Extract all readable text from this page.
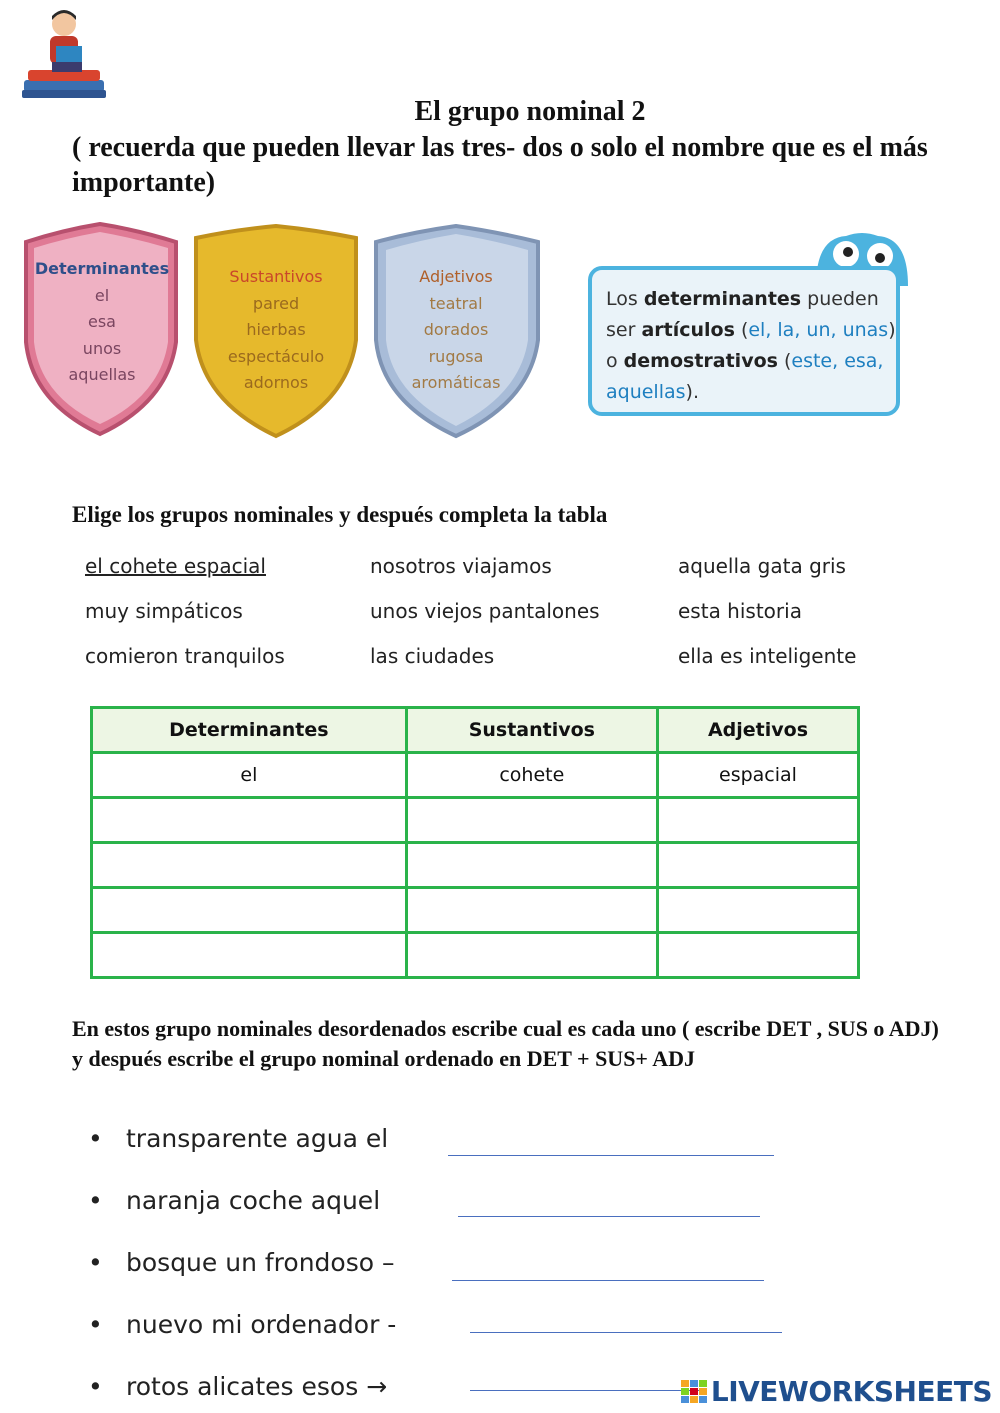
El grupo nominal 2
( recuerda que pueden llevar las tres- dos o solo el nombre que es el más importante)
Determinantes
el
esa
unos
aquellas
Sustantivos
pared
hierbas
espectáculo
adornos
Adjetivos
teatral
dorados
rugosa
aromáticas
Los determinantes pueden ser artículos (el, la, un, unas) o demostrativos (este, esa, aquellas).
Elige los grupos nominales y después completa la tabla
el cohete espacial	nosotros viajamos	aquella gata gris
muy simpáticos	unos viejos pantalones	esta historia
comieron tranquilos	las ciudades	ella es inteligente
Determinantes	Sustantivos	Adjetivos
el	cohete	espacial

En estos grupo nominales desordenados escribe cual es cada uno ( escribe DET , SUS o ADJ) y después escribe el grupo nominal ordenado en DET + SUS+ ADJ
• transparente agua el
• naranja coche aquel
• bosque un frondoso –
• nuevo mi ordenador -
• rotos alicates esos →	LIVEWORKSHEETS
